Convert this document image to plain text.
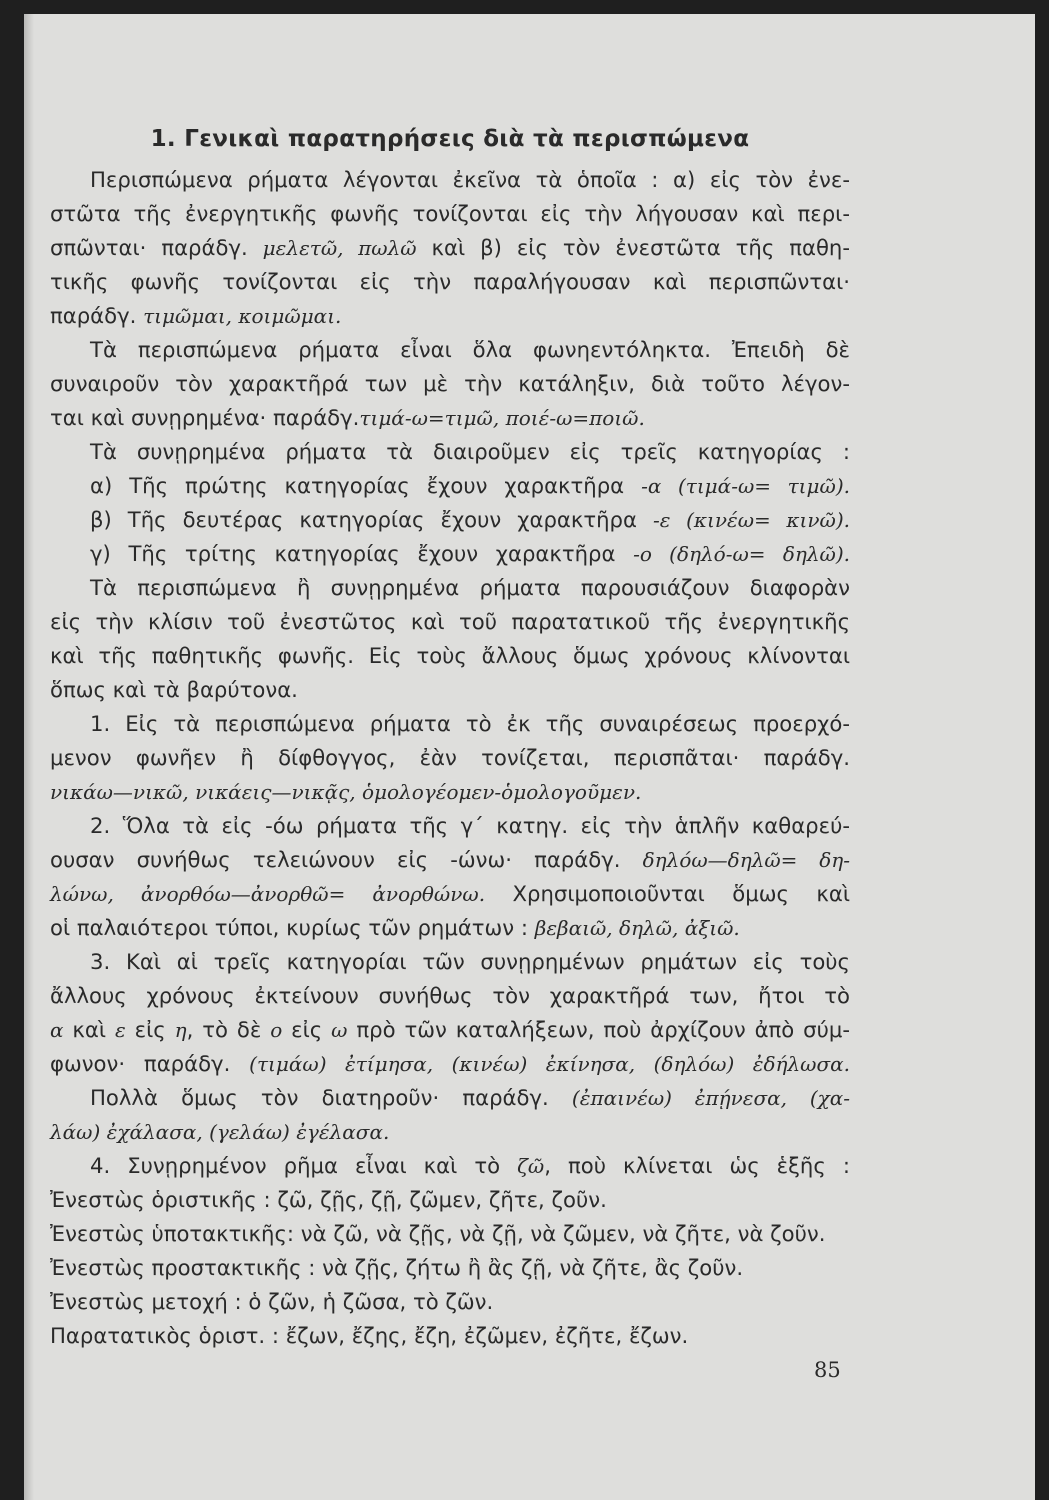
1. Γενικαὶ παρατηρήσεις διὰ τὰ περισπώμενα
Περισπώμενα ρήματα λέγονται ἐκεῖνα τὰ ὁποῖα : α) εἰς τὸν ἐνε-
στῶτα τῆς ἐνεργητικῆς φωνῆς τονίζονται εἰς τὴν λήγουσαν καὶ περι-
σπῶνται· παράδγ. μελετῶ, πωλῶ καὶ β) εἰς τὸν ἐνεστῶτα τῆς παθη-
τικῆς φωνῆς τονίζονται εἰς τὴν παραλήγουσαν καὶ περισπῶνται·
παράδγ. τιμῶμαι, κοιμῶμαι.
Τὰ περισπώμενα ρήματα εἶναι ὅλα φωνηεντόληκτα. Ἐπειδὴ δὲ
συναιροῦν τὸν χαρακτῆρά των μὲ τὴν κατάληξιν, διὰ τοῦτο λέγον-
ται καὶ συνῃρημένα· παράδγ.τιμά-ω=τιμῶ, ποιέ-ω=ποιῶ.
Τὰ συνῃρημένα ρήματα τὰ διαιροῦμεν εἰς τρεῖς κατηγορίας :
α) Τῆς πρώτης κατηγορίας ἔχουν χαρακτῆρα -α (τιμά-ω= τιμῶ).
β) Τῆς δευτέρας κατηγορίας ἔχουν χαρακτῆρα -ε (κινέω= κινῶ).
γ) Τῆς τρίτης κατηγορίας ἔχουν χαρακτῆρα -ο (δηλό-ω= δηλῶ).
Τὰ περισπώμενα ἢ συνῃρημένα ρήματα παρουσιάζουν διαφορὰν
εἰς τὴν κλίσιν τοῦ ἐνεστῶτος καὶ τοῦ παρατατικοῦ τῆς ἐνεργητικῆς
καὶ τῆς παθητικῆς φωνῆς. Εἰς τοὺς ἄλλους ὅμως χρόνους κλίνονται
ὅπως καὶ τὰ βαρύτονα.
1. Εἰς τὰ περισπώμενα ρήματα τὸ ἐκ τῆς συναιρέσεως προερχό-
μενον φωνῆεν ἢ δίφθογγος, ἐὰν τονίζεται, περισπᾶται· παράδγ.
νικάω—νικῶ, νικάεις—νικᾷς, ὁμολογέομεν-ὁμολογοῦμεν.
2. Ὅλα τὰ εἰς -όω ρήματα τῆς γ΄ κατηγ. εἰς τὴν ἁπλῆν καθαρεύ-
ουσαν συνήθως τελειώνουν εἰς -ώνω· παράδγ. δηλόω—δηλῶ= δη-
λώνω, ἀνορθόω—ἀνορθῶ= ἀνορθώνω. Χρησιμοποιοῦνται ὅμως καὶ
οἱ παλαιότεροι τύποι, κυρίως τῶν ρημάτων : βεβαιῶ, δηλῶ, ἀξιῶ.
3. Καὶ αἱ τρεῖς κατηγορίαι τῶν συνῃρημένων ρημάτων εἰς τοὺς
ἄλλους χρόνους ἐκτείνουν συνήθως τὸν χαρακτῆρά των, ἤτοι τὸ
α καὶ ε εἰς η, τὸ δὲ ο εἰς ω πρὸ τῶν καταλήξεων, ποὺ ἀρχίζουν ἀπὸ σύμ-
φωνον· παράδγ. (τιμάω) ἐτίμησα, (κινέω) ἐκίνησα, (δηλόω) ἐδήλωσα.
Πολλὰ ὅμως τὸν διατηροῦν· παράδγ. (ἐπαινέω) ἐπῄνεσα, (χα-
λάω) ἐχάλασα, (γελάω) ἐγέλασα.
4. Συνῃρημένον ρῆμα εἶναι καὶ τὸ ζῶ, ποὺ κλίνεται ὡς ἑξῆς :
Ἐνεστὼς ὁριστικῆς : ζῶ, ζῇς, ζῇ, ζῶμεν, ζῆτε, ζοῦν.
Ἐνεστὼς ὑποτακτικῆς: νὰ ζῶ, νὰ ζῇς, νὰ ζῇ, νὰ ζῶμεν, νὰ ζῆτε, νὰ ζοῦν.
Ἐνεστὼς προστακτικῆς : νὰ ζῇς, ζήτω ἢ ἂς ζῇ, νὰ ζῆτε, ἂς ζοῦν.
Ἐνεστὼς μετοχή : ὁ ζῶν, ἡ ζῶσα, τὸ ζῶν.
Παρατατικὸς ὁριστ. : ἔζων, ἔζης, ἔζη, ἐζῶμεν, ἐζῆτε, ἔζων.
85
